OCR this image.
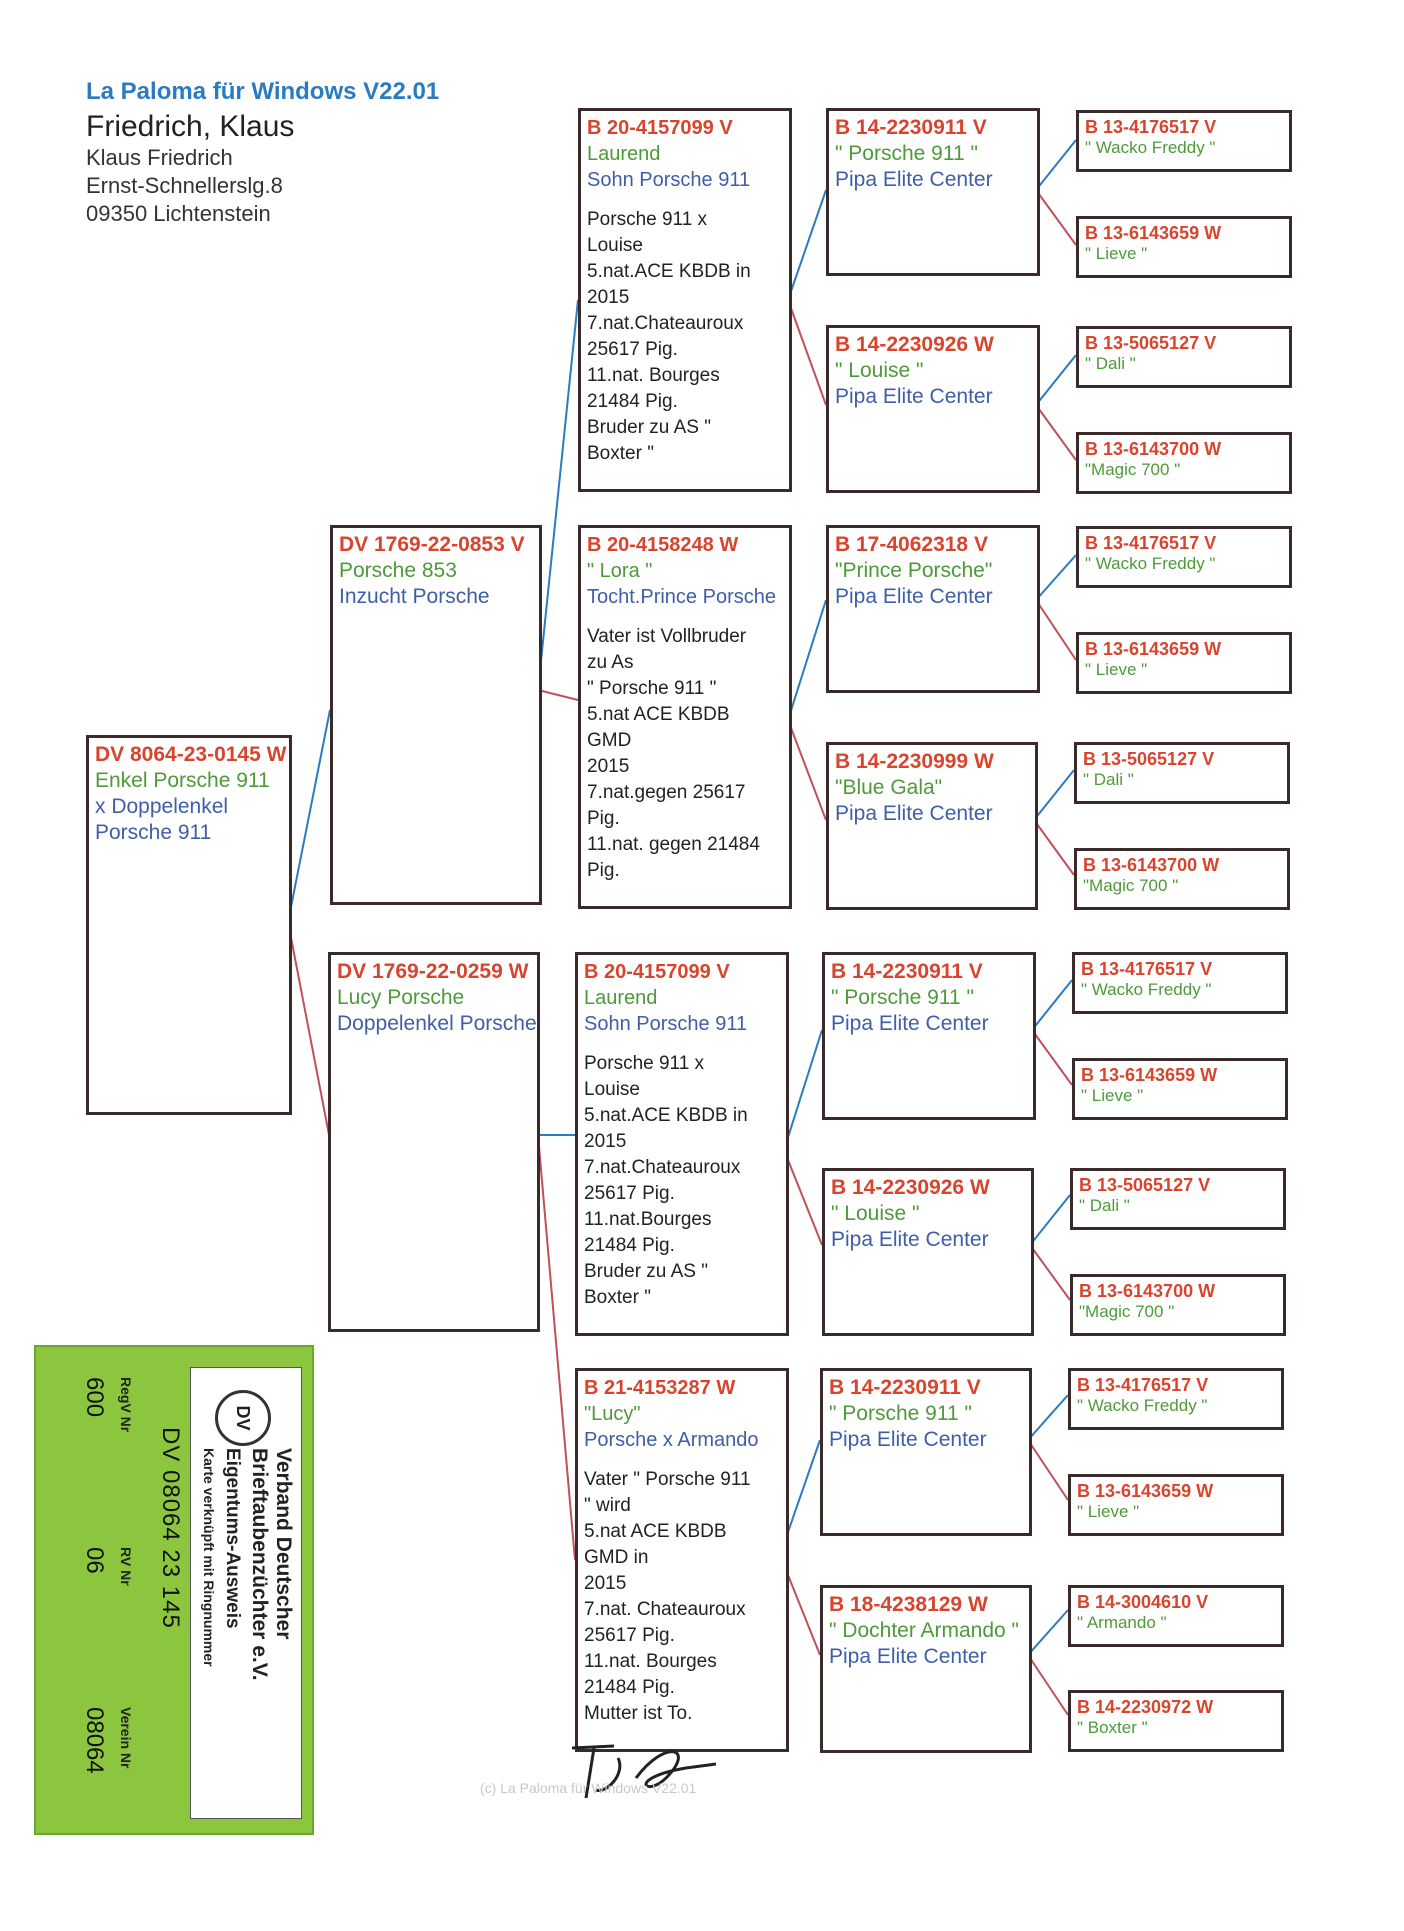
La Paloma für Windows V22.01
Friedrich, Klaus
Klaus Friedrich
Ernst-Schnellerslg.8
09350 Lichtenstein
DV 8064-23-0145 W
Enkel Porsche 911
x Doppelenkel
Porsche 911
DV 1769-22-0853 V
Porsche 853
Inzucht Porsche
DV 1769-22-0259 W
Lucy Porsche
Doppelenkel Porsche
B 20-4157099 V
Laurend
Sohn Porsche 911
Porsche 911 x
Louise
5.nat.ACE KBDB in
2015
7.nat.Chateauroux
25617 Pig.
11.nat. Bourges
21484 Pig.
Bruder zu AS "
Boxter "
B 20-4158248 W
" Lora "
Tocht.Prince Porsche
Vater ist Vollbruder
zu As
" Porsche 911 "
5.nat ACE KBDB
GMD
2015
7.nat.gegen 25617
Pig.
11.nat. gegen 21484
Pig.
B 20-4157099 V
Laurend
Sohn Porsche 911
Porsche 911 x
Louise
5.nat.ACE KBDB in
2015
7.nat.Chateauroux
25617 Pig.
11.nat.Bourges
21484 Pig.
Bruder zu AS "
Boxter "
B 21-4153287 W
"Lucy"
Porsche x Armando
Vater " Porsche 911
" wird
5.nat ACE KBDB
GMD in
2015
7.nat. Chateauroux
25617 Pig.
11.nat. Bourges
21484 Pig.
Mutter ist To.
B 14-2230911 V
" Porsche 911 "
Pipa Elite Center
B 14-2230926 W
" Louise "
Pipa Elite Center
B 17-4062318 V
"Prince Porsche"
Pipa Elite Center
B 14-2230999 W
"Blue Gala"
Pipa Elite Center
B 14-2230911 V
" Porsche 911 "
Pipa Elite Center
B 14-2230926 W
" Louise "
Pipa Elite Center
B 14-2230911 V
" Porsche 911 "
Pipa Elite Center
B 18-4238129 W
" Dochter Armando "
Pipa Elite Center
B 13-4176517 V
" Wacko Freddy "
B 13-6143659 W
" Lieve "
B 13-5065127 V
" Dali "
B 13-6143700 W
"Magic 700 "
B 13-4176517 V
" Wacko Freddy "
B 13-6143659 W
" Lieve "
B 13-5065127 V
" Dali "
B 13-6143700 W
"Magic 700 "
B 13-4176517 V
" Wacko Freddy "
B 13-6143659 W
" Lieve "
B 13-5065127 V
" Dali "
B 13-6143700 W
"Magic 700 "
B 13-4176517 V
" Wacko Freddy "
B 13-6143659 W
" Lieve "
B 14-3004610 V
" Armando "
B 14-2230972 W
" Boxter "
DV
Verband Deutscher
Brieftaubenzüchter e.V.
Eigentums-Ausweis
Karte verknüpft mit Ringnummer
DV 08064 23 145
RegV Nr
RV Nr
Verein Nr
600
06
08064
(c) La Paloma für Windows V22.01
